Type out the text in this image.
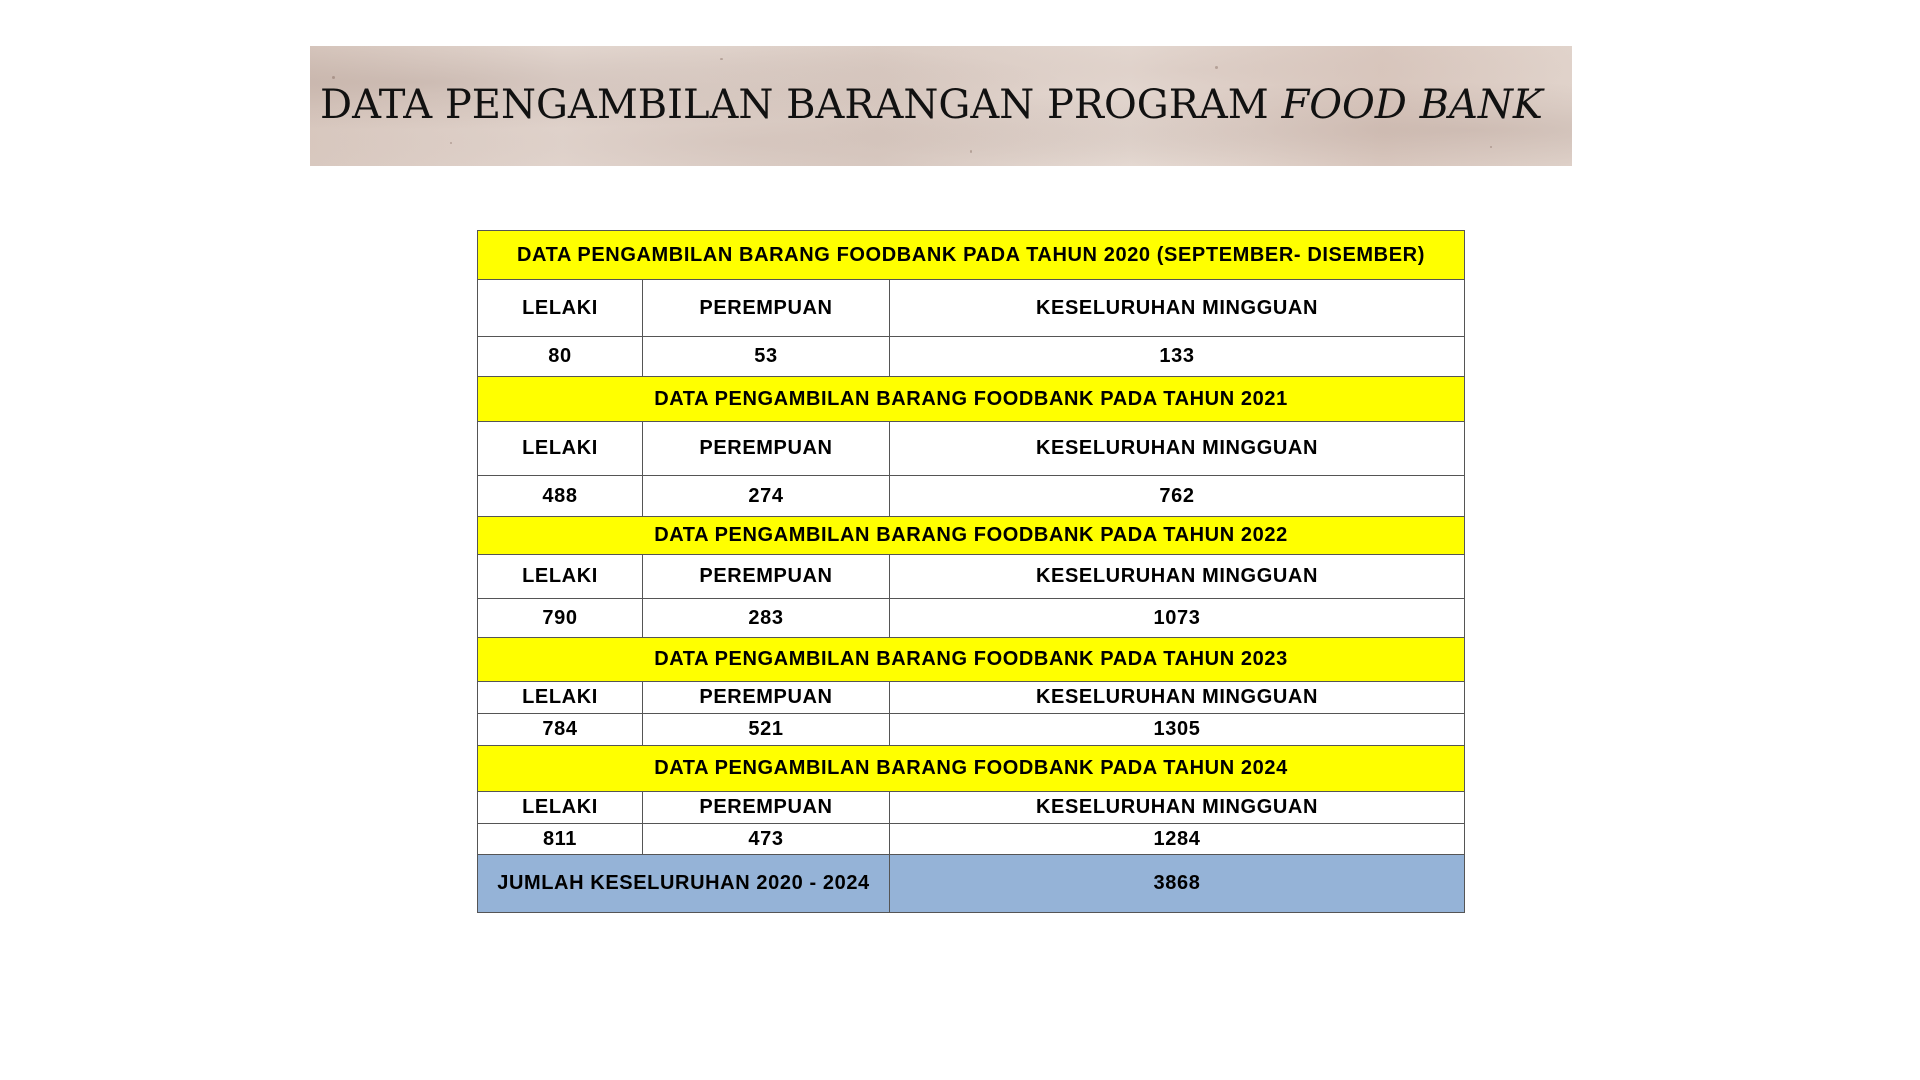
DATA PENGAMBILAN BARANGAN PROGRAM FOOD BANK
DATA PENGAMBILAN BARANG FOODBANK PADA TAHUN 2020 (SEPTEMBER- DISEMBER)		
LELAKI	PEREMPUAN	KESELURUHAN MINGGUAN
80	53	133
DATA PENGAMBILAN BARANG FOODBANK PADA TAHUN 2021		
LELAKI	PEREMPUAN	KESELURUHAN MINGGUAN
488	274	762
DATA PENGAMBILAN BARANG FOODBANK PADA TAHUN 2022		
LELAKI	PEREMPUAN	KESELURUHAN MINGGUAN
790	283	1073
DATA PENGAMBILAN BARANG FOODBANK PADA TAHUN 2023		
LELAKI	PEREMPUAN	KESELURUHAN MINGGUAN
784	521	1305
DATA PENGAMBILAN BARANG FOODBANK PADA TAHUN 2024		
LELAKI	PEREMPUAN	KESELURUHAN MINGGUAN
811	473	1284
JUMLAH KESELURUHAN 2020 - 2024		3868
